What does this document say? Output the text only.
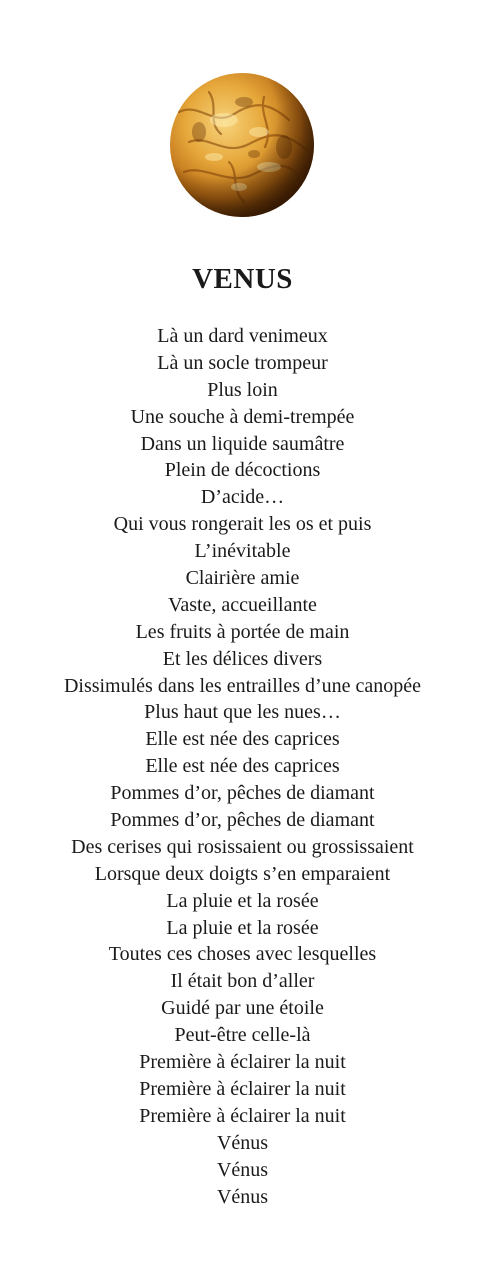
VENUS
Là un dard venimeux
Là un socle trompeur
Plus loin
Une souche à demi-trempée
Dans un liquide saumâtre
Plein de décoctions
D’acide…
Qui vous rongerait les os et puis
L’inévitable
Clairière amie
Vaste, accueillante
Les fruits à portée de main
Et les délices divers
Dissimulés dans les entrailles d’une canopée
Plus haut que les nues…
Elle est née des caprices
Elle est née des caprices
Pommes d’or, pêches de diamant
Pommes d’or, pêches de diamant
Des cerises qui rosissaient ou grossissaient
Lorsque deux doigts s’en emparaient
La pluie et la rosée
La pluie et la rosée
Toutes ces choses avec lesquelles
Il était bon d’aller
Guidé par une étoile
Peut-être celle-là
Première à éclairer la nuit
Première à éclairer la nuit
Première à éclairer la nuit
Vénus
Vénus
Vénus
